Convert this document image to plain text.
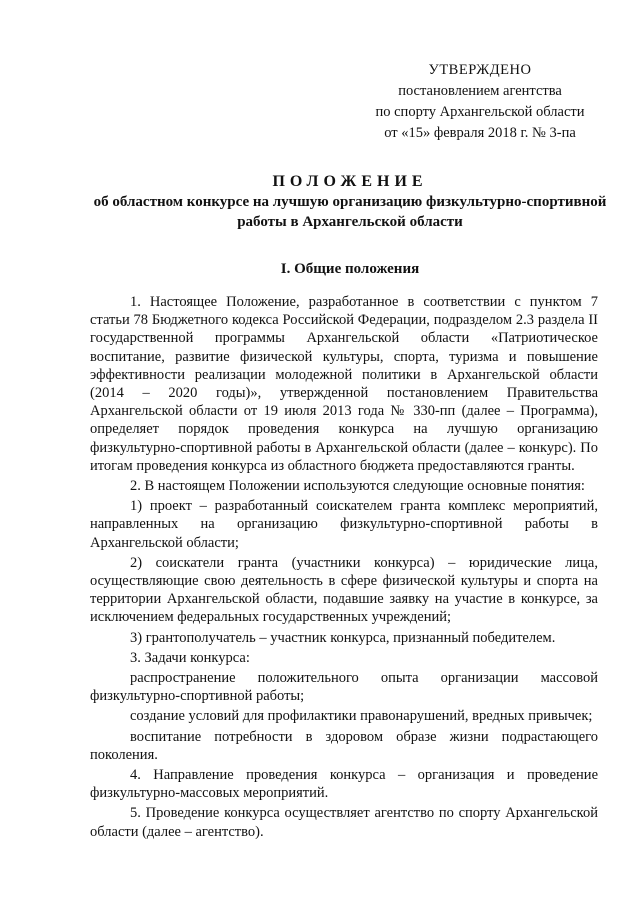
УТВЕРЖДЕНО
постановлением агентства
по спорту Архангельской области
от «15» февраля 2018 г. № 3-па
ПОЛОЖЕНИЕ
об областном конкурсе на лучшую организацию физкультурно-спортивной работы в Архангельской области
I. Общие положения

1. Настоящее Положение, разработанное в соответствии с пунктом 7 статьи 78 Бюджетного кодекса Российской Федерации, подразделом 2.3 раздела II государственной программы Архангельской области «Патриотическое воспитание, развитие физической культуры, спорта, туризма и повышение эффективности реализации молодежной политики в Архангельской области (2014 – 2020 годы)», утвержденной постановлением Правительства Архангельской области от 19 июля 2013 года № 330-пп (далее – Программа), определяет порядок проведения конкурса на лучшую организацию физкультурно-спортивной работы в Архангельской области (далее – конкурс). По итогам проведения конкурса из областного бюджета предоставляются гранты.

2. В настоящем Положении используются следующие основные понятия:

1) проект – разработанный соискателем гранта комплекс мероприятий, направленных на организацию физкультурно-спортивной работы в Архангельской области;

2) соискатели гранта (участники конкурса) – юридические лица, осуществляющие свою деятельность в сфере физической культуры и спорта на территории Архангельской области, подавшие заявку на участие в конкурсе, за исключением федеральных государственных учреждений;

3) грантополучатель – участник конкурса, признанный победителем.

3. Задачи конкурса:

распространение положительного опыта организации массовой физкультурно-спортивной работы;

создание условий для профилактики правонарушений, вредных привычек;

воспитание потребности в здоровом образе жизни подрастающего поколения.

4. Направление проведения конкурса – организация и проведение физкультурно-массовых мероприятий.

5. Проведение конкурса осуществляет агентство по спорту Архангельской области (далее – агентство).
